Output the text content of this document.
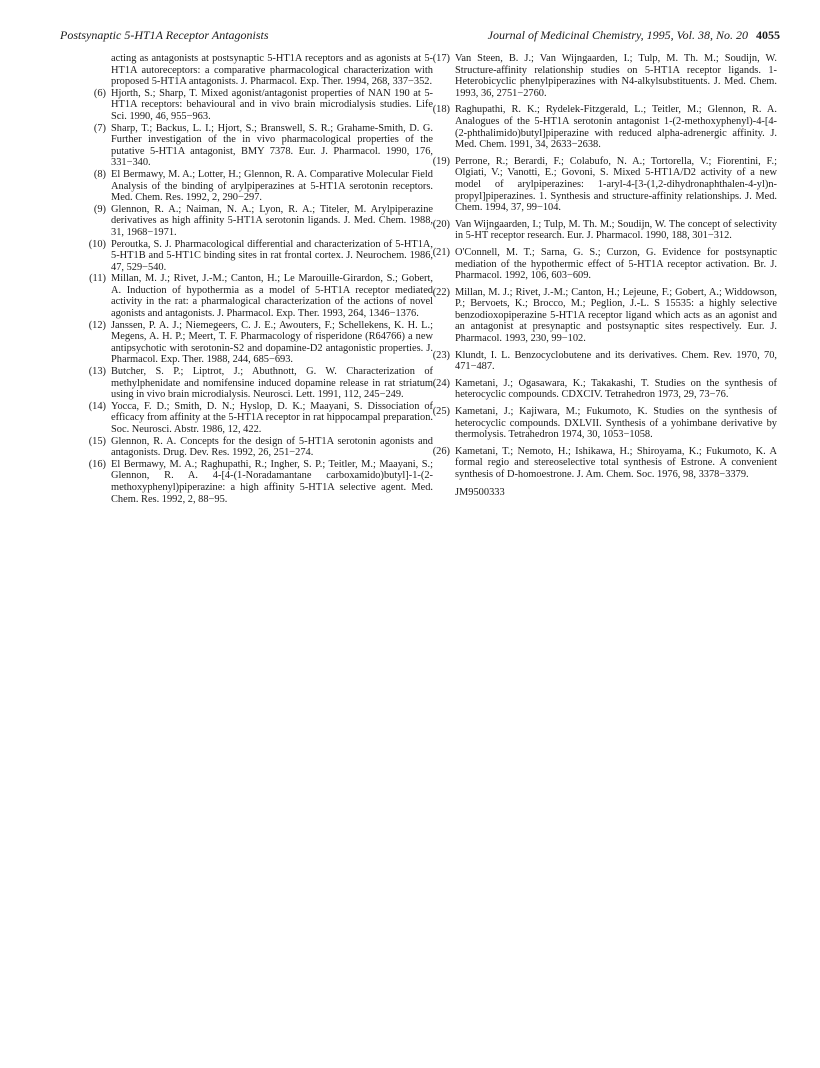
Postsynaptic 5-HT1A Receptor Antagonists	Journal of Medicinal Chemistry, 1995, Vol. 38, No. 20 4055
acting as antagonists at postsynaptic 5-HT1A receptors and as agonists at 5-HT1A autoreceptors: a comparative pharmacological characterization with proposed 5-HT1A antagonists. J. Pharmacol. Exp. Ther. 1994, 268, 337−352.
(6) Hjorth, S.; Sharp, T. Mixed agonist/antagonist properties of NAN 190 at 5-HT1A receptors: behavioural and in vivo brain microdialysis studies. Life Sci. 1990, 46, 955−963.
(7) Sharp, T.; Backus, L. I.; Hjort, S.; Branswell, S. R.; Grahame-Smith, D. G. Further investigation of the in vivo pharmacological properties of the putative 5-HT1A antagonist, BMY 7378. Eur. J. Pharmacol. 1990, 176, 331−340.
(8) El Bermawy, M. A.; Lotter, H.; Glennon, R. A. Comparative Molecular Field Analysis of the binding of arylpiperazines at 5-HT1A serotonin receptors. Med. Chem. Res. 1992, 2, 290−297.
(9) Glennon, R. A.; Naiman, N. A.; Lyon, R. A.; Titeler, M. Arylpiperazine derivatives as high affinity 5-HT1A serotonin ligands. J. Med. Chem. 1988, 31, 1968−1971.
(10) Peroutka, S. J. Pharmacological differential and characterization of 5-HT1A, 5-HT1B and 5-HT1C binding sites in rat frontal cortex. J. Neurochem. 1986, 47, 529−540.
(11) Millan, M. J.; Rivet, J.-M.; Canton, H.; Le Marouille-Girardon, S.; Gobert, A. Induction of hypothermia as a model of 5-HT1A receptor mediated activity in the rat: a pharmalogical characterization of the actions of novel agonists and antagonists. J. Pharmacol. Exp. Ther. 1993, 264, 1346−1376.
(12) Janssen, P. A. J.; Niemegeers, C. J. E.; Awouters, F.; Schellekens, K. H. L.; Megens, A. H. P.; Meert, T. F. Pharmacology of risperidone (R64766) a new antipsychotic with serotonin-S2 and dopamine-D2 antagonistic properties. J. Pharmacol. Exp. Ther. 1988, 244, 685−693.
(13) Butcher, S. P.; Liptrot, J.; Abuthnott, G. W. Characterization of methylphenidate and nomifensine induced dopamine release in rat striatum using in vivo brain microdialysis. Neurosci. Lett. 1991, 112, 245−249.
(14) Yocca, F. D.; Smith, D. N.; Hyslop, D. K.; Maayani, S. Dissociation of efficacy from affinity at the 5-HT1A receptor in rat hippocampal preparation. Soc. Neurosci. Abstr. 1986, 12, 422.
(15) Glennon, R. A. Concepts for the design of 5-HT1A serotonin agonists and antagonists. Drug. Dev. Res. 1992, 26, 251−274.
(16) El Bermawy, M. A.; Raghupathi, R.; Ingher, S. P.; Teitler, M.; Maayani, S.; Glennon, R. A. 4-[4-(1-Noradamantane carboxamido)butyl]-1-(2-methoxyphenyl)piperazine: a high affinity 5-HT1A selective agent. Med. Chem. Res. 1992, 2, 88−95.
(17) Van Steen, B. J.; Van Wijngaarden, I.; Tulp, M. Th. M.; Soudijn, W. Structure-affinity relationship studies on 5-HT1A receptor ligands. 1-Heterobicyclic phenylpiperazines with N4-alkylsubstituents. J. Med. Chem. 1993, 36, 2751−2760.
(18) Raghupathi, R. K.; Rydelek-Fitzgerald, L.; Teitler, M.; Glennon, R. A. Analogues of the 5-HT1A serotonin antagonist 1-(2-methoxyphenyl)-4-[4-(2-phthalimido)butyl]piperazine with reduced alpha-adrenergic affinity. J. Med. Chem. 1991, 34, 2633−2638.
(19) Perrone, R.; Berardi, F.; Colabufo, N. A.; Tortorella, V.; Fiorentini, F.; Olgiati, V.; Vanotti, E.; Govoni, S. Mixed 5-HT1A/D2 activity of a new model of arylpiperazines: 1-aryl-4-[3-(1,2-dihydronaphthalen-4-yl)n-propyl]piperazines. 1. Synthesis and structure-affinity relationships. J. Med. Chem. 1994, 37, 99−104.
(20) Van Wijngaarden, I.; Tulp, M. Th. M.; Soudijn, W. The concept of selectivity in 5-HT receptor research. Eur. J. Pharmacol. 1990, 188, 301−312.
(21) O'Connell, M. T.; Sarna, G. S.; Curzon, G. Evidence for postsynaptic mediation of the hypothermic effect of 5-HT1A receptor activation. Br. J. Pharmacol. 1992, 106, 603−609.
(22) Millan, M. J.; Rivet, J.-M.; Canton, H.; Lejeune, F.; Gobert, A.; Widdowson, P.; Bervoets, K.; Brocco, M.; Peglion, J.-L. S 15535: a highly selective benzodioxopiperazine 5-HT1A receptor ligand which acts as an agonist and an antagonist at presynaptic and postsynaptic sites respectively. Eur. J. Pharmacol. 1993, 230, 99−102.
(23) Klundt, I. L. Benzocyclobutene and its derivatives. Chem. Rev. 1970, 70, 471−487.
(24) Kametani, J.; Ogasawara, K.; Takakashi, T. Studies on the synthesis of heterocyclic compounds. CDXCIV. Tetrahedron 1973, 29, 73−76.
(25) Kametani, J.; Kajiwara, M.; Fukumoto, K. Studies on the synthesis of heterocyclic compounds. DXLVII. Synthesis of a yohimbane derivative by thermolysis. Tetrahedron 1974, 30, 1053−1058.
(26) Kametani, T.; Nemoto, H.; Ishikawa, H.; Shiroyama, K.; Fukumoto, K. A formal regio and stereoselective total synthesis of Estrone. A convenient synthesis of D-homoestrone. J. Am. Chem. Soc. 1976, 98, 3378−3379.
JM9500333
